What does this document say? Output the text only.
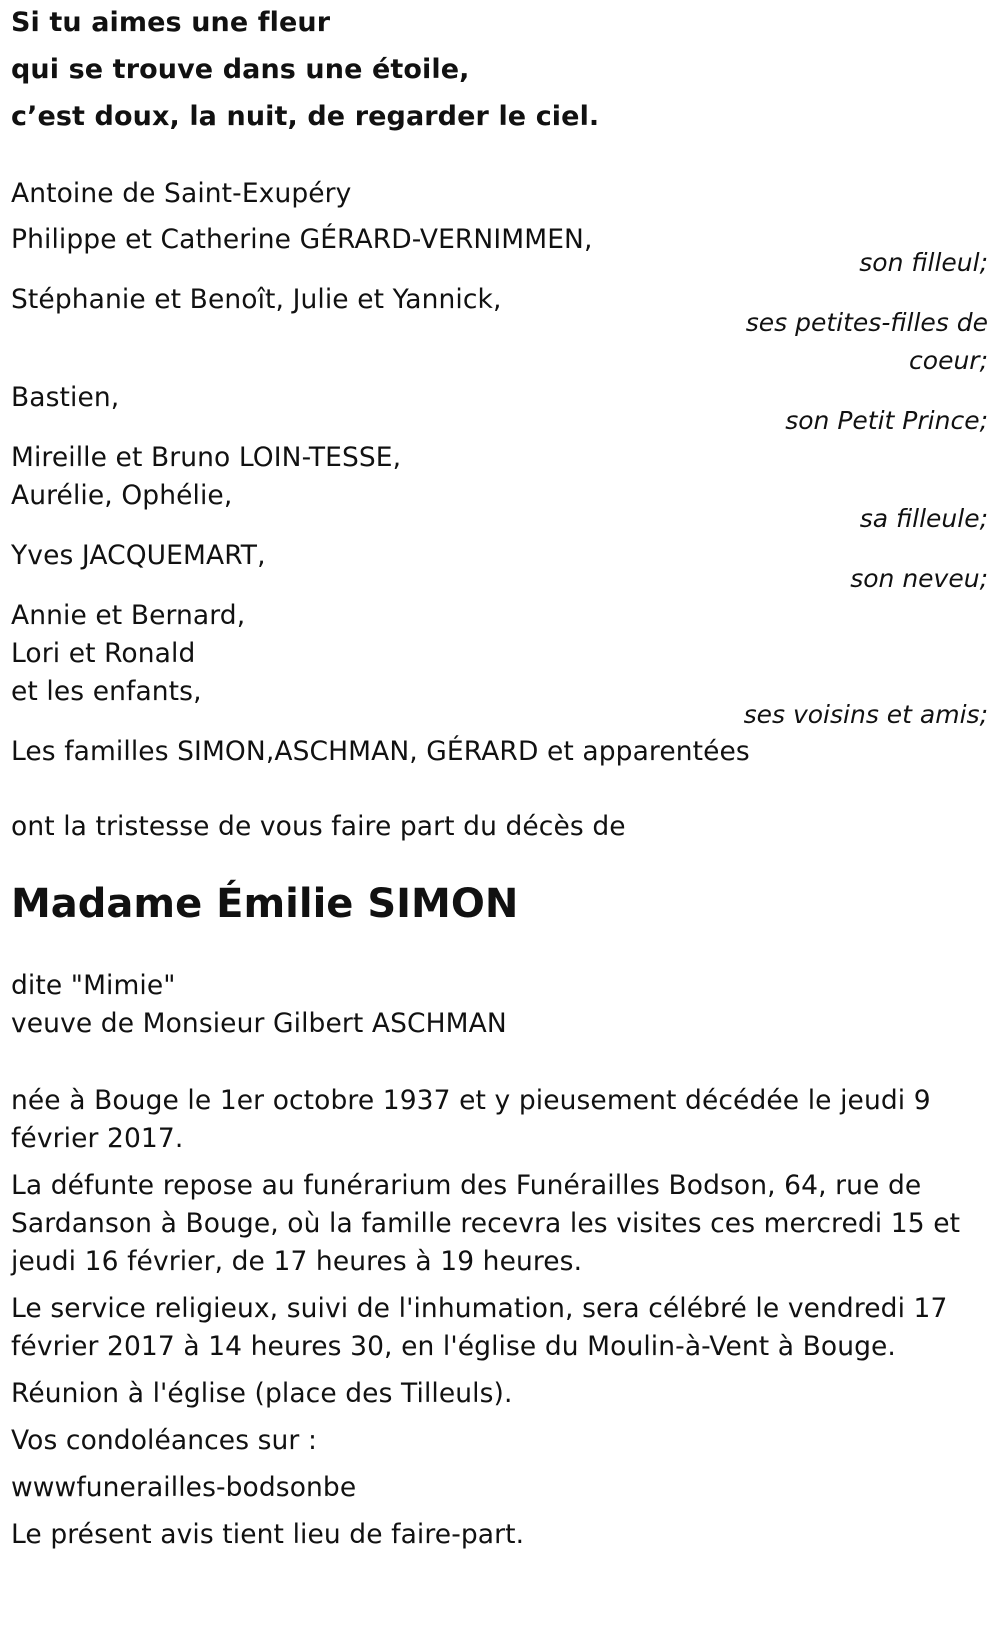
Si tu aimes une fleur
qui se trouve dans une étoile,
c’est doux, la nuit, de regarder le ciel.
Antoine de Saint-Exupéry
Philippe et Catherine GÉRARD-VERNIMMEN,
son filleul;
Stéphanie et Benoît, Julie et Yannick,
ses petites-filles de
coeur;
Bastien,
son Petit Prince;
Mireille et Bruno LOIN-TESSE,
Aurélie, Ophélie,
sa filleule;
Yves JACQUEMART,
son neveu;
Annie et Bernard,
Lori et Ronald
et les enfants,
ses voisins et amis;
Les familles SIMON,ASCHMAN, GÉRARD et apparentées
ont la tristesse de vous faire part du décès de
Madame Émilie SIMON
dite "Mimie"
veuve de Monsieur Gilbert ASCHMAN
née à Bouge le 1er octobre 1937 et y pieusement décédée le jeudi 9
février 2017.
La défunte repose au funérarium des Funérailles Bodson, 64, rue de
Sardanson à Bouge, où la famille recevra les visites ces mercredi 15 et
jeudi 16 février, de 17 heures à 19 heures.
Le service religieux, suivi de l'inhumation, sera célébré le vendredi 17
février 2017 à 14 heures 30, en l'église du Moulin-à-Vent à Bouge.
Réunion à l'église (place des Tilleuls).
Vos condoléances sur :
wwwfunerailles-bodsonbe
Le présent avis tient lieu de faire-part.
